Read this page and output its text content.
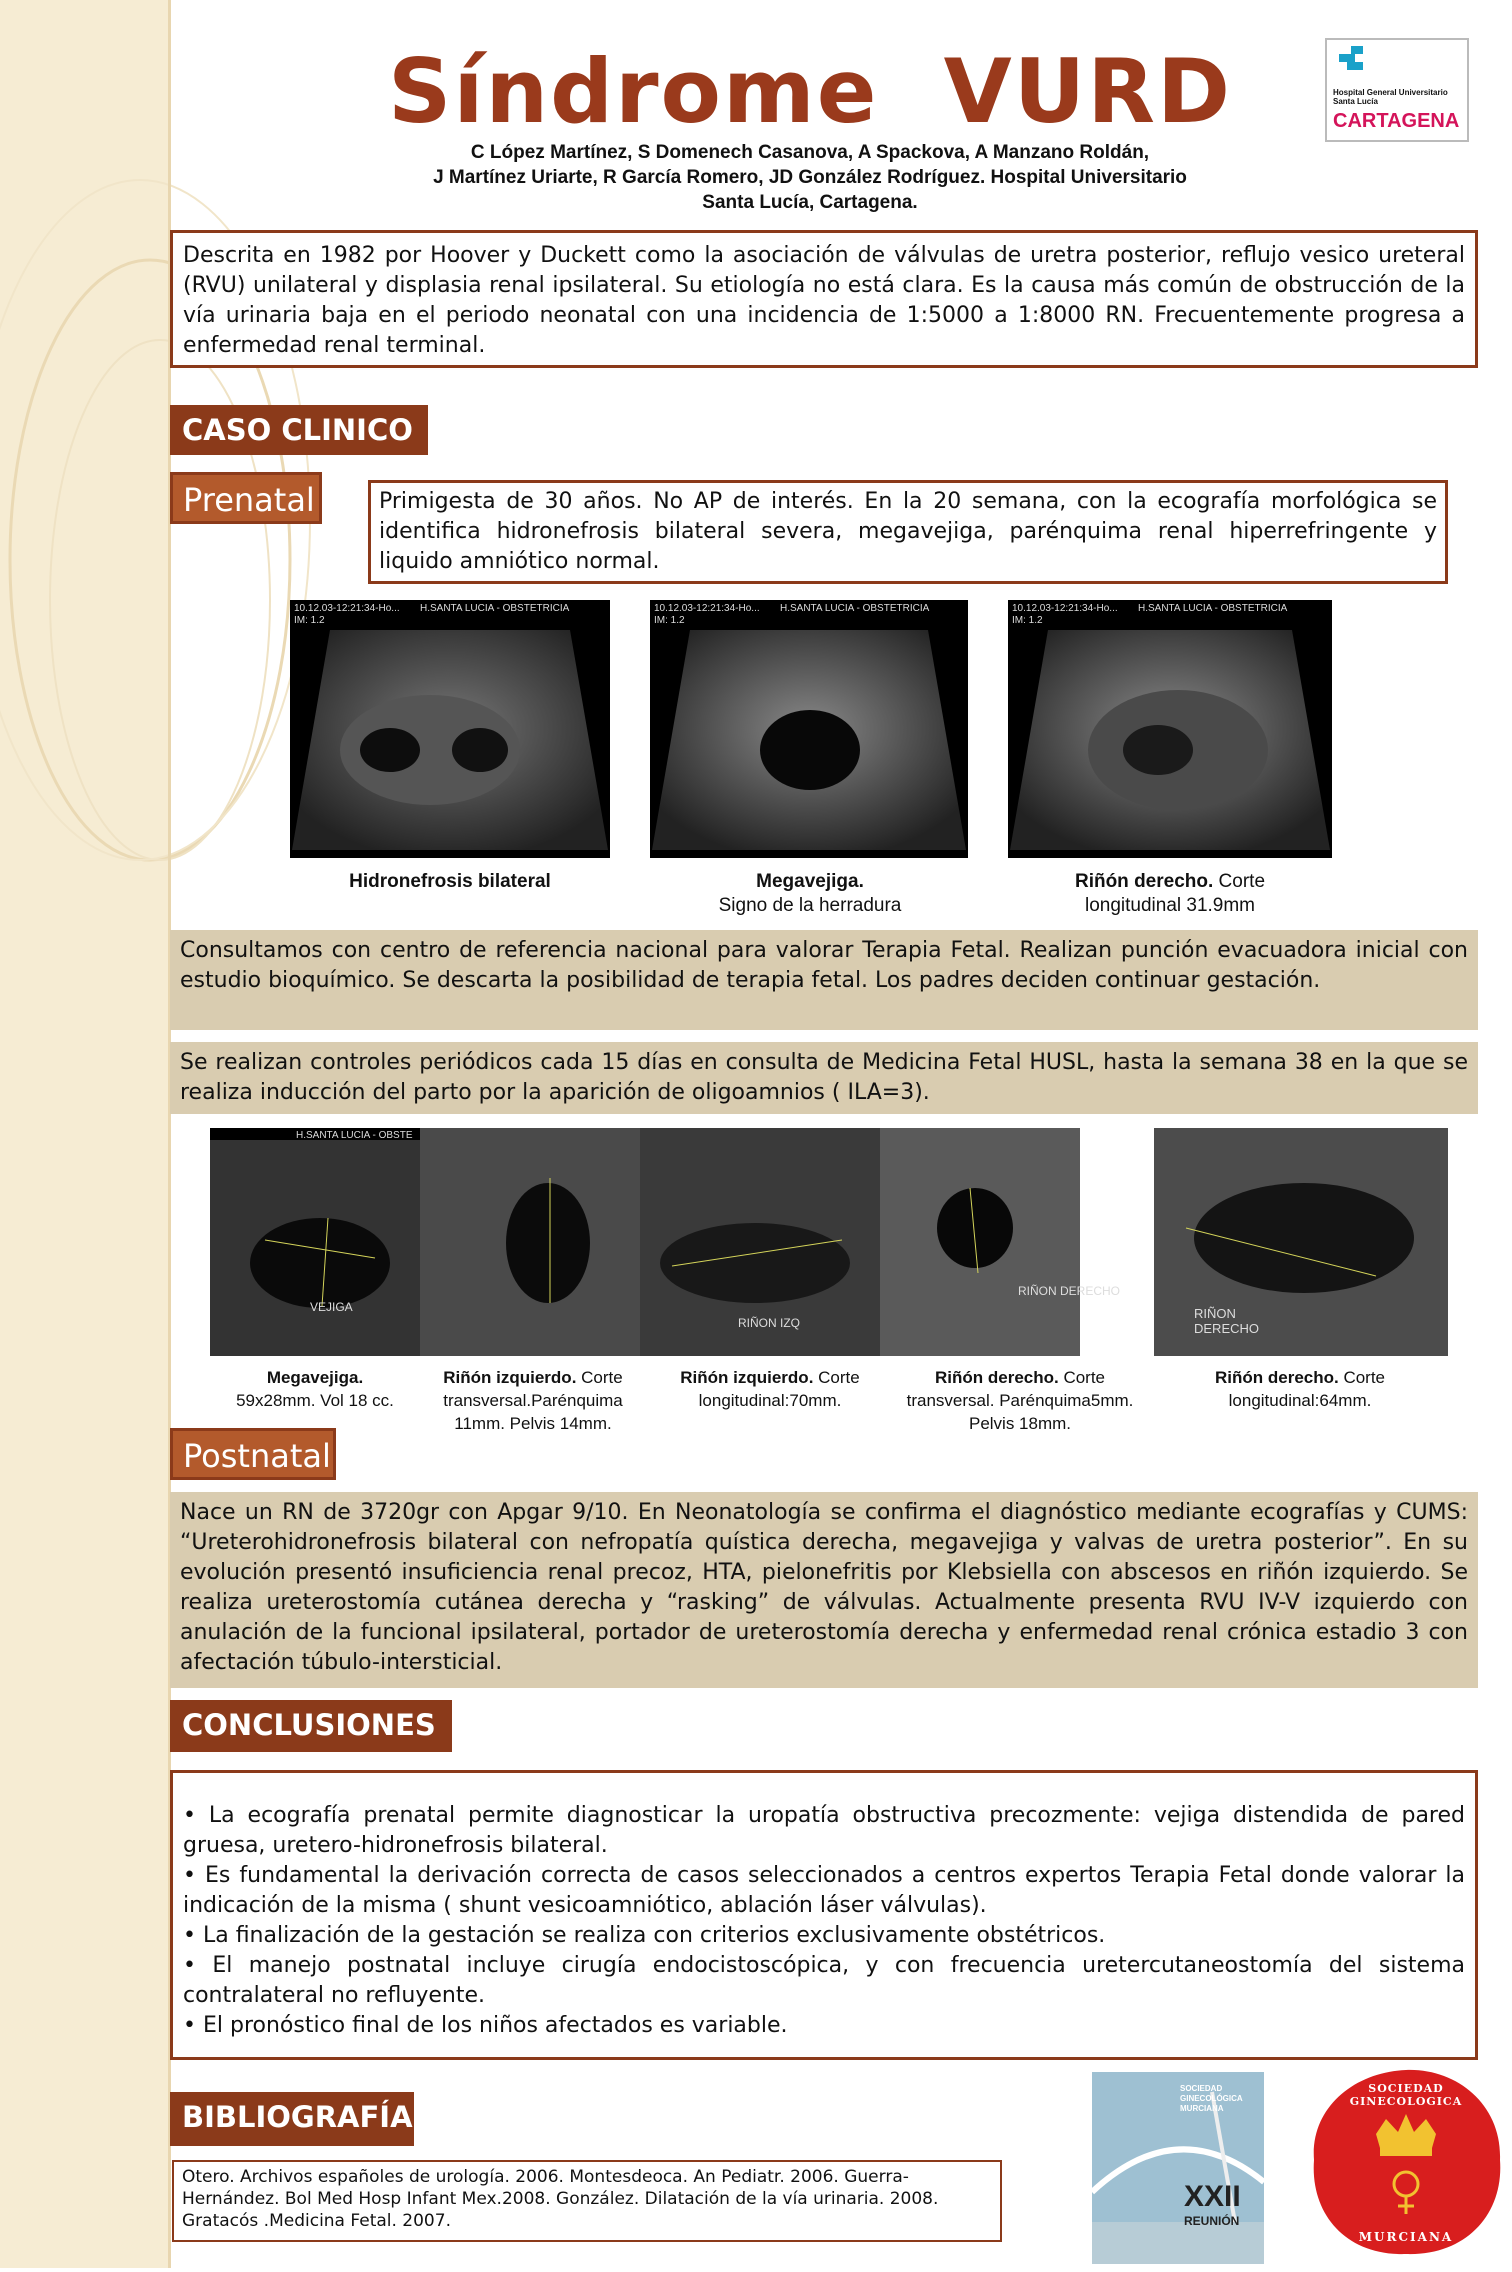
Síndrome  VURD
C López Martínez, S Domenech Casanova, A Spackova, A Manzano Roldán,
J Martínez Uriarte, R García Romero, JD González Rodríguez. Hospital Universitario
Santa Lucía, Cartagena.
Hospital General Universitario
Santa Lucía
CARTAGENA
Descrita en 1982 por Hoover y Duckett como la asociación de válvulas de uretra posterior, reflujo vesico ureteral (RVU) unilateral y displasia renal ipsilateral. Su etiología no está clara. Es la causa más común de obstrucción de la vía urinaria baja en el periodo neonatal con una incidencia de 1:5000 a 1:8000 RN. Frecuentemente progresa a enfermedad renal terminal.
CASO CLINICO
Prenatal	Primigesta de 30 años. No AP de interés. En la 20 semana, con la ecografía morfológica se identifica hidronefrosis bilateral severa, megavejiga, parénquima renal hiperrefringente y liquido amniótico normal.
10.12.03-12:21:34-Ho...
IM: 1.2
H.SANTA LUCIA - OBSTETRICIA	10.12.03-12:21:34-Ho...
IM: 1.2
H.SANTA LUCIA - OBSTETRICIA	10.12.03-12:21:34-Ho...
IM: 1.2
H.SANTA LUCIA - OBSTETRICIA
Hidronefrosis bilateral	Megavejiga.
Signo de la herradura
Riñón derecho. Corte
longitudinal 31.9mm
Consultamos con centro de referencia nacional para valorar Terapia Fetal. Realizan punción evacuadora inicial con estudio bioquímico. Se descarta la posibilidad de terapia fetal. Los padres deciden continuar gestación.
Se realizan controles periódicos cada 15 días en consulta de Medicina Fetal HUSL, hasta la semana 38 en la que se realiza inducción del parto por la aparición de oligoamnios ( ILA=3).
H.SANTA LUCIA - OBSTE
VEJIGA
RIÑON IZQ
RIÑON DERECHO
RIÑON DERECHO
Megavejiga.
59x28mm. Vol 18 cc.
Riñón izquierdo. Corte
transversal.Parénquima
11mm. Pelvis 14mm.
Riñón izquierdo. Corte
longitudinal:70mm.
Riñón derecho. Corte
transversal. Parénquima5mm.
Pelvis 18mm.
Riñón derecho. Corte
longitudinal:64mm.
Postnatal
Nace un RN de 3720gr con Apgar 9/10. En Neonatología se confirma el diagnóstico mediante ecografías y CUMS: “Ureterohidronefrosis bilateral con nefropatía quística derecha, megavejiga y valvas de uretra posterior”. En su evolución presentó insuficiencia renal precoz, HTA, pielonefritis por Klebsiella con abscesos en riñón izquierdo. Se realiza ureterostomía cutánea derecha y “rasking” de válvulas. Actualmente presenta RVU IV-V izquierdo con anulación de la funcional ipsilateral, portador de ureterostomía derecha y enfermedad renal crónica estadio 3 con afectación túbulo-intersticial.
CONCLUSIONES

• La ecografía prenatal permite diagnosticar la uropatía obstructiva precozmente: vejiga distendida de pared gruesa, uretero-hidronefrosis bilateral.

• Es fundamental la derivación correcta de casos seleccionados a centros expertos Terapia Fetal donde valorar la indicación de la misma ( shunt vesicoamniótico, ablación láser válvulas).

• La finalización de la gestación se realiza con criterios exclusivamente obstétricos.

• El manejo postnatal incluye cirugía endocistoscópica, y con frecuencia uretercutaneostomía del sistema contralateral no refluyente.

• El pronóstico final de los niños afectados es variable.

BIBLIOGRAFÍA
Otero. Archivos españoles de urología. 2006. Montesdeoca. An Pediatr. 2006. Guerra-Hernández. Bol Med Hosp Infant Mex.2008. González. Dilatación de la vía urinaria. 2008. Gratacós .Medicina Fetal. 2007.
SOCIEDAD
GINECOLÓGICA
MURCIANA
XXII
REUNIÓN
SOCIEDAD GINECOLOGICA
MURCIANA
